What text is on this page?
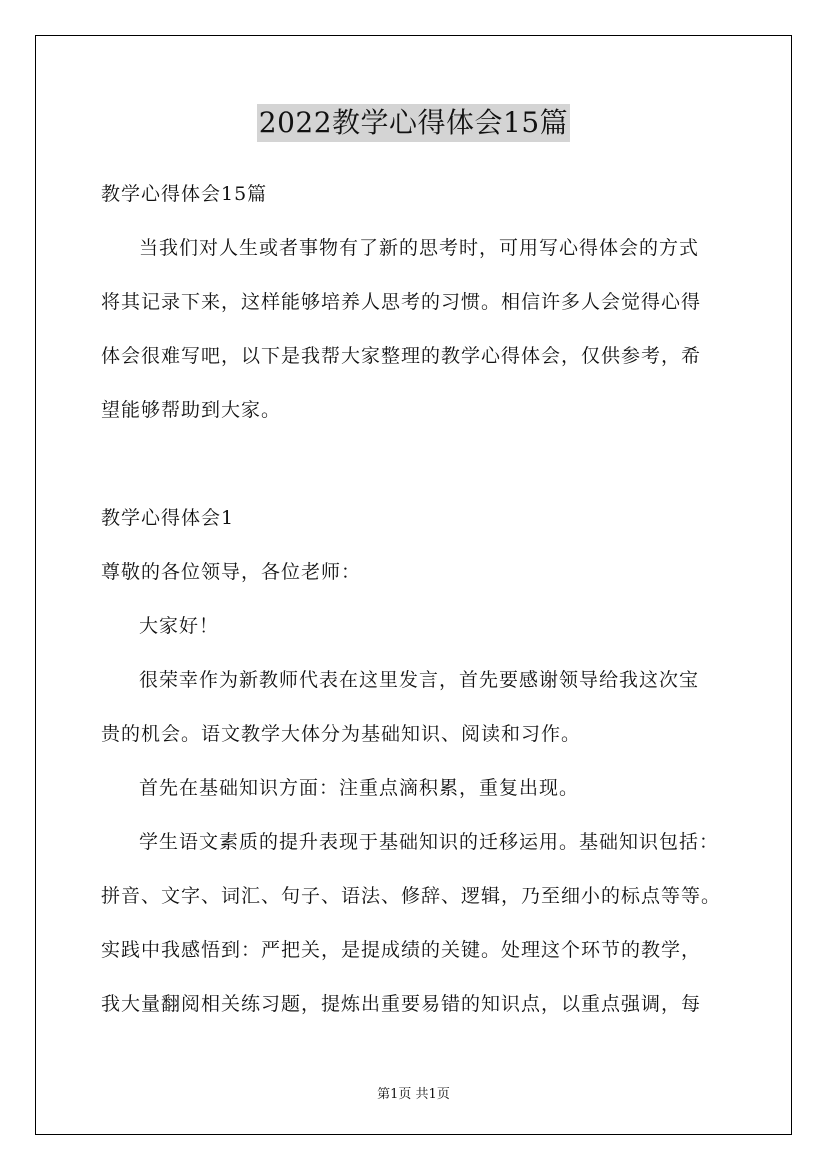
2022教学心得体会15篇
教学心得体会15篇
当我们对人生或者事物有了新的思考时，可用写心得体会的方式
将其记录下来，这样能够培养人思考的习惯。相信许多人会觉得心得
体会很难写吧，以下是我帮大家整理的教学心得体会，仅供参考，希
望能够帮助到大家。
教学心得体会1
尊敬的各位领导，各位老师：
大家好！
很荣幸作为新教师代表在这里发言，首先要感谢领导给我这次宝
贵的机会。语文教学大体分为基础知识、阅读和习作。
首先在基础知识方面：注重点滴积累，重复出现。
学生语文素质的提升表现于基础知识的迁移运用。基础知识包括：
拼音、文字、词汇、句子、语法、修辞、逻辑，乃至细小的标点等等。
实践中我感悟到：严把关，是提成绩的关键。处理这个环节的教学，
我大量翻阅相关练习题，提炼出重要易错的知识点，以重点强调，每
第1页 共1页
